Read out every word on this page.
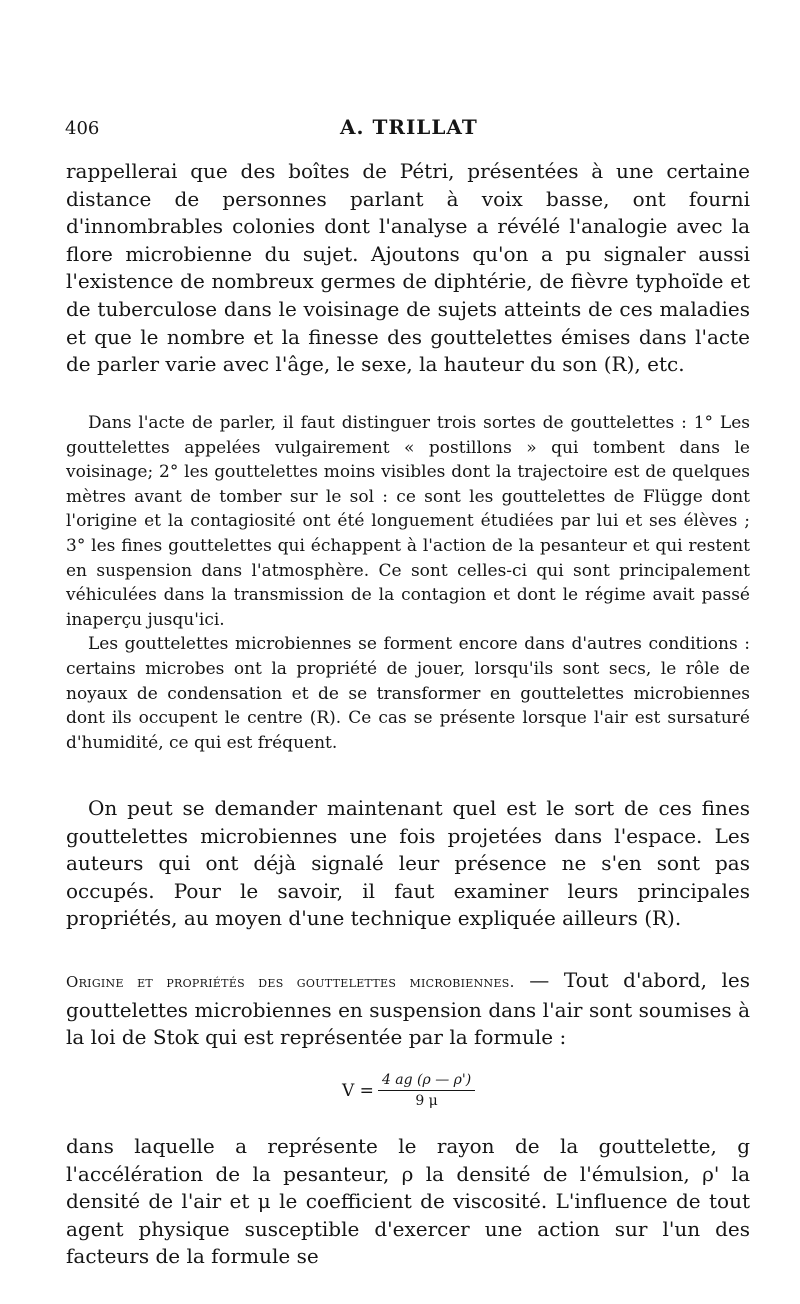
406	A. TRILLAT

rappellerai que des boîtes de Pétri, présentées à une certaine distance de personnes parlant à voix basse, ont fourni d'innombrables colonies dont l'analyse a révélé l'analogie avec la flore microbienne du sujet. Ajoutons qu'on a pu signaler aussi l'existence de nombreux germes de diphtérie, de fièvre typhoïde et de tuberculose dans le voisinage de sujets atteints de ces maladies et que le nombre et la finesse des gouttelettes émises dans l'acte de parler varie avec l'âge, le sexe, la hauteur du son (R), etc.

Dans l'acte de parler, il faut distinguer trois sortes de gouttelettes : 1° Les gouttelettes appelées vulgairement « postillons » qui tombent dans le voisinage; 2° les gouttelettes moins visibles dont la trajectoire est de quelques mètres avant de tomber sur le sol : ce sont les gouttelettes de Flügge dont l'origine et la contagiosité ont été longuement étudiées par lui et ses élèves ; 3° les fines gouttelettes qui échappent à l'action de la pesanteur et qui restent en suspension dans l'atmosphère. Ce sont celles-ci qui sont principalement véhiculées dans la transmission de la contagion et dont le régime avait passé inaperçu jusqu'ici.

Les gouttelettes microbiennes se forment encore dans d'autres conditions : certains microbes ont la propriété de jouer, lorsqu'ils sont secs, le rôle de noyaux de condensation et de se transformer en gouttelettes microbiennes dont ils occupent le centre (R). Ce cas se présente lorsque l'air est sursaturé d'humidité, ce qui est fréquent.

On peut se demander maintenant quel est le sort de ces fines gouttelettes microbiennes une fois projetées dans l'espace. Les auteurs qui ont déjà signalé leur présence ne s'en sont pas occupés. Pour le savoir, il faut examiner leurs principales propriétés, au moyen d'une technique expliquée ailleurs (R).

Origine et propriétés des gouttelettes microbiennes. — Tout d'abord, les gouttelettes microbiennes en suspension dans l'air sont soumises à la loi de Stok qui est représentée par la formule :

$V = \frac{4 ag (\rho — \rho')}{9 \mu}$

dans laquelle a représente le rayon de la gouttelette, g l'accélération de la pesanteur, ρ la densité de l'émulsion, ρ' la densité de l'air et μ le coefficient de viscosité. L'influence de tout agent physique susceptible d'exercer une action sur l'un des facteurs de la formule se
